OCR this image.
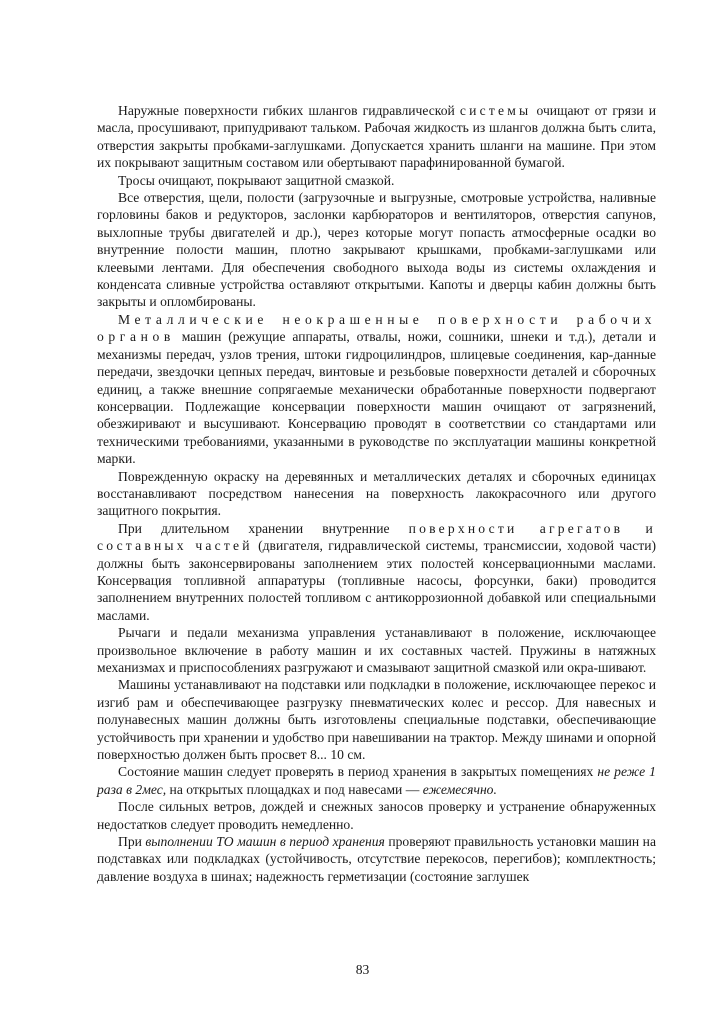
Наружные поверхности гибких шлангов гидравлической системы очищают от грязи и масла, просушивают, припудривают тальком. Рабочая жидкость из шлангов должна быть слита, отверстия закрыты пробками-заглушками. Допускается хранить шланги на машине. При этом их покрывают защитным составом или обертывают парафинированной бумагой.

Тросы очищают, покрывают защитной смазкой.

Все отверстия, щели, полости (загрузочные и выгрузные, смотровые устройства, наливные горловины баков и редукторов, заслонки карбюраторов и вентиляторов, отверстия сапунов, выхлопные трубы двигателей и др.), через которые могут попасть атмосферные осадки во внутренние полости машин, плотно закрывают крышками, пробками-заглушками или клеевыми лентами. Для обеспечения свободного выхода воды из системы охлаждения и конденсата сливные устройства оставляют открытыми. Капоты и дверцы кабин должны быть закрыты и опломбированы.

Металлические неокрашенные поверхности рабочих органов машин (режущие аппараты, отвалы, ножи, сошники, шнеки и т.д.), детали и механизмы передач, узлов трения, штоки гидроцилиндров, шлицевые соединения, кар-данные передачи, звездочки цепных передач, винтовые и резьбовые поверхности деталей и сборочных единиц, а также внешние сопрягаемые механически обработанные поверхности подвергают консервации. Подлежащие консервации поверхности машин очищают от загрязнений, обезжиривают и высушивают. Консервацию проводят в соответствии со стандартами или техническими требованиями, указанными в руководстве по эксплуатации машины конкретной марки.

Поврежденную окраску на деревянных и металлических деталях и сборочных единицах восстанавливают посредством нанесения на поверхность лакокрасочного или другого защитного покрытия.

При длительном хранении внутренние поверхности агрегатов и составных частей (двигателя, гидравлической системы, трансмиссии, ходовой части) должны быть законсервированы заполнением этих полостей консервационными маслами. Консервация топливной аппаратуры (топливные насосы, форсунки, баки) проводится заполнением внутренних полостей топливом с антикоррозионной добавкой или специальными маслами.

Рычаги и педали механизма управления устанавливают в положение, исключающее произвольное включение в работу машин и их составных частей. Пружины в натяжных механизмах и приспособлениях разгружают и смазывают защитной смазкой или окра-шивают.

Машины устанавливают на подставки или подкладки в положение, исключающее перекос и изгиб рам и обеспечивающее разгрузку пневматических колес и рессор. Для навесных и полунавесных машин должны быть изготовлены специальные подставки, обеспечивающие устойчивость при хранении и удобство при навешивании на трактор. Между шинами и опорной поверхностью должен быть просвет 8... 10 см.

Состояние машин следует проверять в период хранения в закрытых помещениях не реже 1 раза в 2мес, на открытых площадках и под навесами — ежемесячно.

После сильных ветров, дождей и снежных заносов проверку и устранение обнаруженных недостатков следует проводить немедленно.

При выполнении ТО машин в период хранения проверяют правильность установки машин на подставках или подкладках (устойчивость, отсутствие перекосов, перегибов); комплектность; давление воздуха в шинах; надежность герметизации (состояние заглушек

83
